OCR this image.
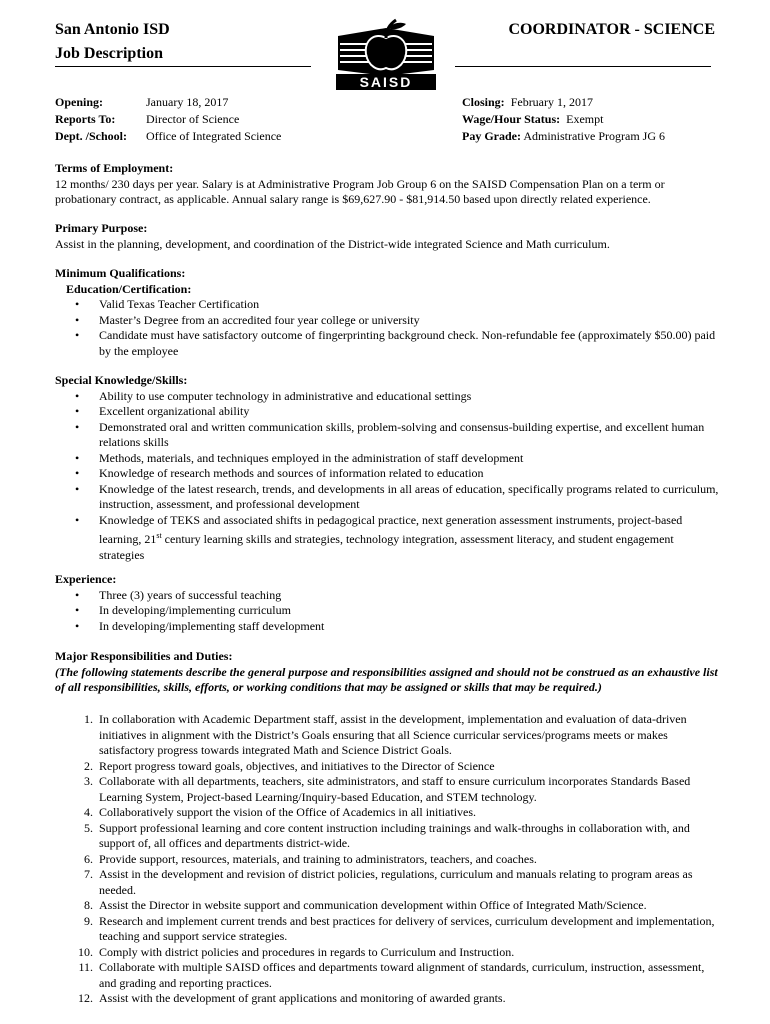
San Antonio ISD
Job Description
COORDINATOR - SCIENCE
SAISD
Opening:	January 18, 2017
Reports To:	Director of Science
Dept. /School:	Office of Integrated Science
Closing: February 1, 2017
Wage/Hour Status: Exempt
Pay Grade: Administrative Program JG 6
Terms of Employment:
12 months/ 230 days per year. Salary is at Administrative Program Job Group 6 on the SAISD Compensation Plan on a term or probationary contract, as applicable. Annual salary range is $69,627.90 - $81,914.50 based upon directly related experience.
Primary Purpose:
Assist in the planning, development, and coordination of the District-wide integrated Science and Math curriculum.
Minimum Qualifications:
Education/Certification:
• Valid Texas Teacher Certification
• Master’s Degree from an accredited four year college or university
• Candidate must have satisfactory outcome of fingerprinting background check. Non-refundable fee (approximately $50.00) paid by the employee
Special Knowledge/Skills:
• Ability to use computer technology in administrative and educational settings
• Excellent organizational ability
• Demonstrated oral and written communication skills, problem-solving and consensus-building expertise, and excellent human relations skills
• Methods, materials, and techniques employed in the administration of staff development
• Knowledge of research methods and sources of information related to education
• Knowledge of the latest research, trends, and developments in all areas of education, specifically programs related to curriculum, instruction, assessment, and professional development
• Knowledge of TEKS and associated shifts in pedagogical practice, next generation assessment instruments, project-based learning, 21st century learning skills and strategies, technology integration, assessment literacy, and student engagement strategies
Experience:
• Three (3) years of successful teaching
• In developing/implementing curriculum
• In developing/implementing staff development
Major Responsibilities and Duties:
(The following statements describe the general purpose and responsibilities assigned and should not be construed as an exhaustive list of all responsibilities, skills, efforts, or working conditions that may be assigned or skills that may be required.)
1. In collaboration with Academic Department staff, assist in the development, implementation and evaluation of data-driven initiatives in alignment with the District’s Goals ensuring that all Science curricular services/programs meets or makes satisfactory progress towards integrated Math and Science District Goals.
2. Report progress toward goals, objectives, and initiatives to the Director of Science
3. Collaborate with all departments, teachers, site administrators, and staff to ensure curriculum incorporates Standards Based Learning System, Project-based Learning/Inquiry-based Education, and STEM technology.
4. Collaboratively support the vision of the Office of Academics in all initiatives.
5. Support professional learning and core content instruction including trainings and walk-throughs in collaboration with, and support of, all offices and departments district-wide.
6. Provide support, resources, materials, and training to administrators, teachers, and coaches.
7. Assist in the development and revision of district policies, regulations, curriculum and manuals relating to program areas as needed.
8. Assist the Director in website support and communication development within Office of Integrated Math/Science.
9. Research and implement current trends and best practices for delivery of services, curriculum development and implementation, teaching and support service strategies.
10. Comply with district policies and procedures in regards to Curriculum and Instruction.
11. Collaborate with multiple SAISD offices and departments toward alignment of standards, curriculum, instruction, assessment, and grading and reporting practices.
12. Assist with the development of grant applications and monitoring of awarded grants.
